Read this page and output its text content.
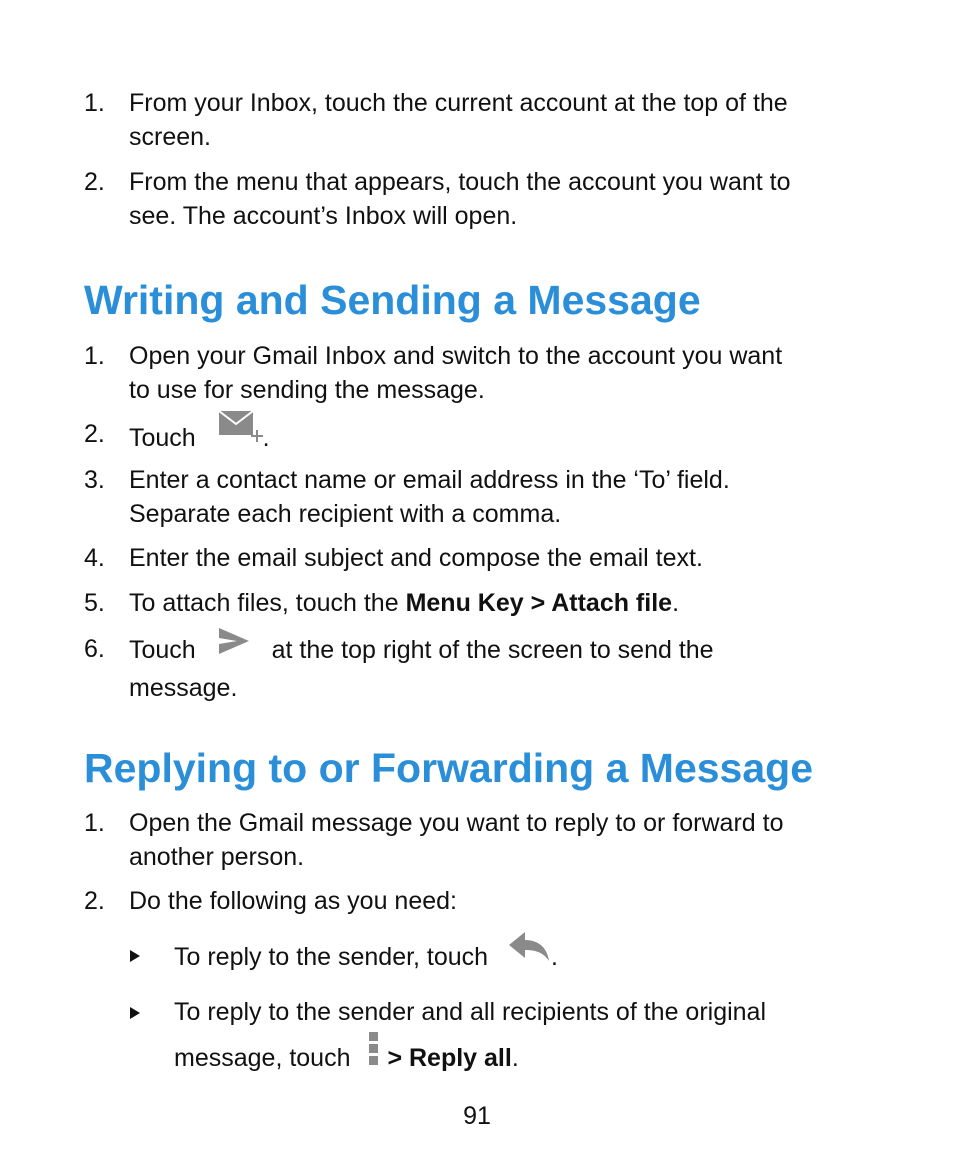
1. From your Inbox, touch the current account at the top of the
screen.
2. From the menu that appears, touch the account you want to
see. The account’s Inbox will open.
Writing and Sending a Message
1. Open your Gmail Inbox and switch to the account you want
to use for sending the message.
2. Touch	.
3. Enter a contact name or email address in the ‘To’ field.
Separate each recipient with a comma.
4. Enter the email subject and compose the email text.
5. To attach files, touch the Menu Key > Attach file.
6. Touch	at the top right of the screen to send the
message.
Replying to or Forwarding a Message
1. Open the Gmail message you want to reply to or forward to
another person.
2. Do the following as you need:
To reply to the sender, touch	.
To reply to the sender and all recipients of the original
message, touch > Reply all.
91
